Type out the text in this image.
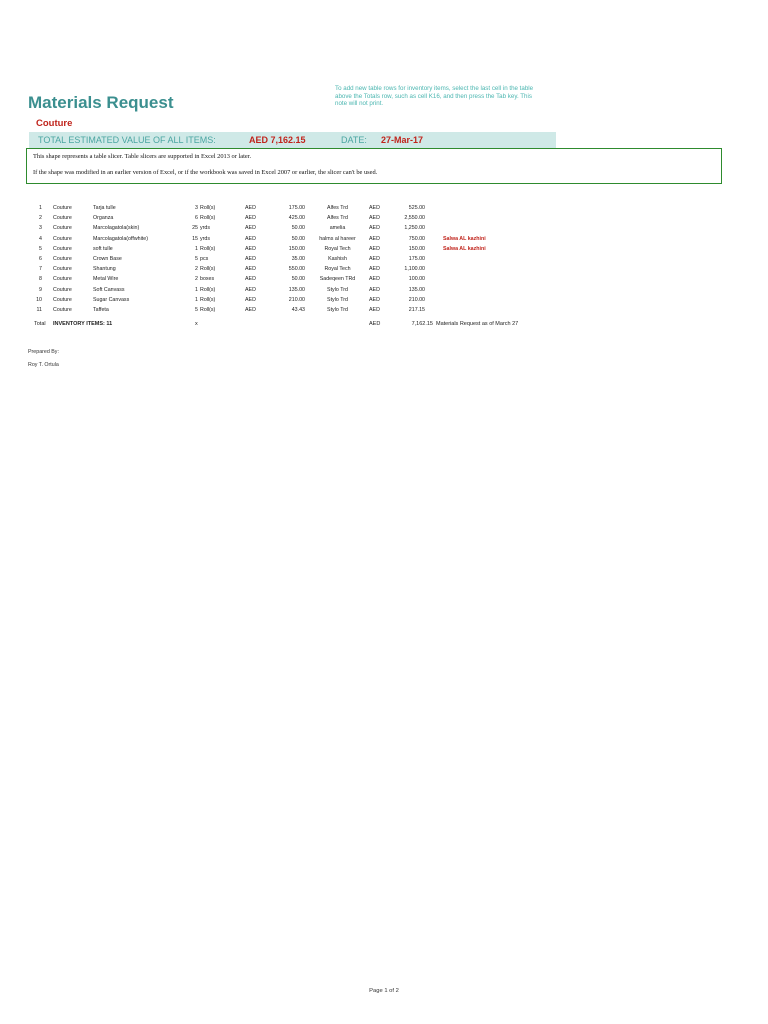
To add new table rows for inventory items, select the last cell in the table above the Totals row, such as cell K16, and then press the Tab key. This note will not print.
Materials Request
Couture
TOTAL ESTIMATED VALUE OF ALL ITEMS:	AED 7,162.15	DATE: 27-Mar-17
This shape represents a table slicer. Table slicers are supported in Excel 2013 or later.
If the shape was modified in an earlier version of Excel, or if the workbook was saved in Excel 2007 or earlier, the slicer can't be used.
1 Couture	Tarja tulle	3 Roll(s)	AED	175.00	Alfes Trd	AED	525.00
2 Couture	Organza	6 Roll(s)	AED	425.00	Alfes Trd	AED	2,550.00
3 Couture	Marcolagatola(skin)	25 yrds	AED	50.00	amelia	AED	1,250.00
4 Couture	Marcolagatola(offwhite)	15 yrds	AED	50.00	halms al hareer	AED	750.00	Salwa AL kazhini
5 Couture	soft tulle	1 Roll(s)	AED	150.00	Royal Tech	AED	150.00	Salwa AL kazhini
6 Couture	Crown Base	5 pcs	AED	35.00	Kashish	AED	175.00
7 Couture	Shantung	2 Roll(s)	AED	550.00	Royal Tech	AED	1,100.00
8 Couture	Metal Wire	2 boxes	AED	50.00	Sadeqeen TRd	AED	100.00
9 Couture	Soft Canvass	1 Roll(s)	AED	135.00	Stylo Trd	AED	135.00
10 Couture	Sugar Canvass	1 Roll(s)	AED	210.00	Stylo Trd	AED	210.00
11 Couture	Taffeta	5 Roll(s)	AED	43.43	Stylo Trd	AED	217.15
Total INVENTORY ITEMS: 11	x	AED	7,162.15 Materials Request as of March 27
Prepared By:
Roy T. Ortula
Page 1 of 2
